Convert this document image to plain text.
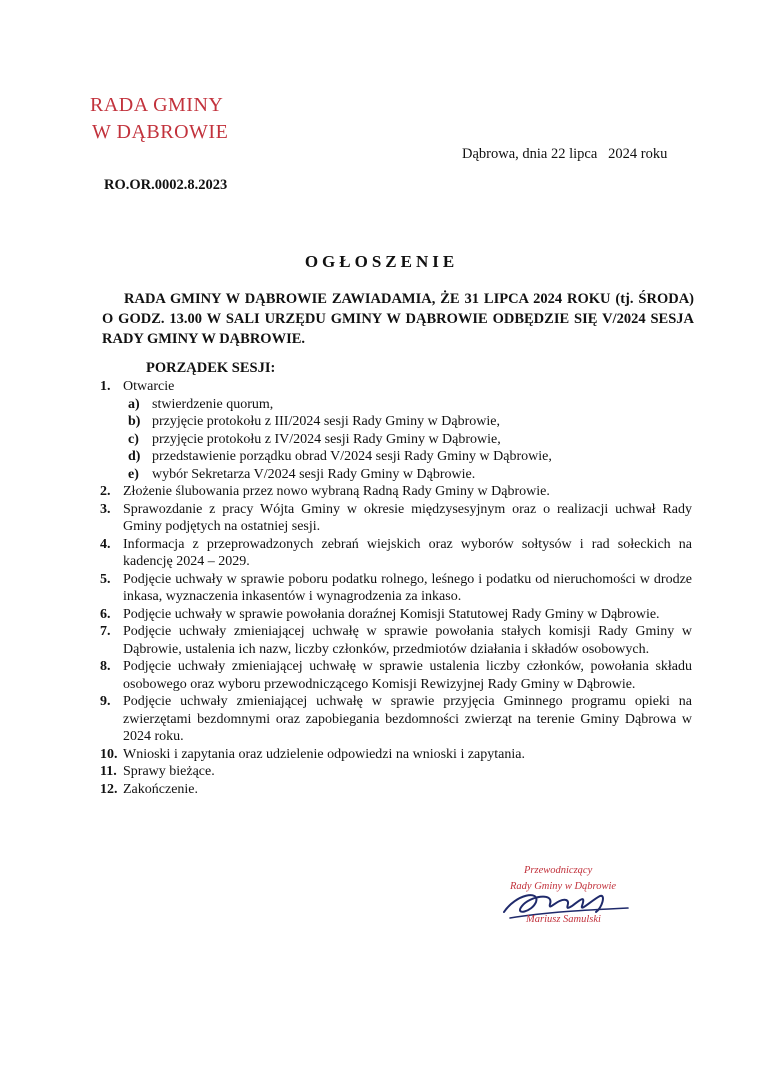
RADA GMINY
W DĄBROWIE
Dąbrowa, dnia 22 lipca   2024 roku
RO.OR.0002.8.2023
OGŁOSZENIE
RADA GMINY W DĄBROWIE ZAWIADAMIA, ŻE 31 LIPCA 2024 ROKU (tj. ŚRODA) O GODZ. 13.00 W SALI URZĘDU GMINY W DĄBROWIE ODBĘDZIE SIĘ V/2024 SESJA RADY GMINY W DĄBROWIE.
PORZĄDEK SESJI:
1. Otwarcie
a) stwierdzenie quorum,
b) przyjęcie protokołu z III/2024 sesji Rady Gminy w Dąbrowie,
c) przyjęcie protokołu z IV/2024 sesji Rady Gminy w Dąbrowie,
d) przedstawienie porządku obrad V/2024 sesji Rady Gminy w Dąbrowie,
e) wybór Sekretarza V/2024 sesji Rady Gminy w Dąbrowie.
2. Złożenie ślubowania przez nowo wybraną Radną Rady Gminy w Dąbrowie.
3. Sprawozdanie z pracy Wójta Gminy w okresie międzysesyjnym oraz o realizacji uchwał Rady Gminy podjętych na ostatniej sesji.
4. Informacja z przeprowadzonych zebrań wiejskich oraz wyborów sołtysów i rad sołeckich na kadencję 2024 – 2029.
5. Podjęcie uchwały w sprawie poboru podatku rolnego, leśnego i podatku od nieruchomości w drodze inkasa, wyznaczenia inkasentów i wynagrodzenia za inkaso.
6. Podjęcie uchwały w sprawie powołania doraźnej Komisji Statutowej Rady Gminy w Dąbrowie.
7. Podjęcie uchwały zmieniającej uchwałę w sprawie powołania stałych komisji Rady Gminy w Dąbrowie, ustalenia ich nazw, liczby członków, przedmiotów działania i składów osobowych.
8. Podjęcie uchwały zmieniającej uchwałę w sprawie ustalenia liczby członków, powołania składu osobowego oraz wyboru przewodniczącego Komisji Rewizyjnej Rady Gminy w Dąbrowie.
9. Podjęcie uchwały zmieniającej uchwałę w sprawie przyjęcia Gminnego programu opieki na zwierzętami bezdomnymi oraz zapobiegania bezdomności zwierząt na terenie Gminy Dąbrowa w 2024 roku.
10. Wnioski i zapytania oraz udzielenie odpowiedzi na wnioski i zapytania.
11. Sprawy bieżące.
12. Zakończenie.
Przewodniczący
Rady Gminy w Dąbrowie
Mariusz Samulski
